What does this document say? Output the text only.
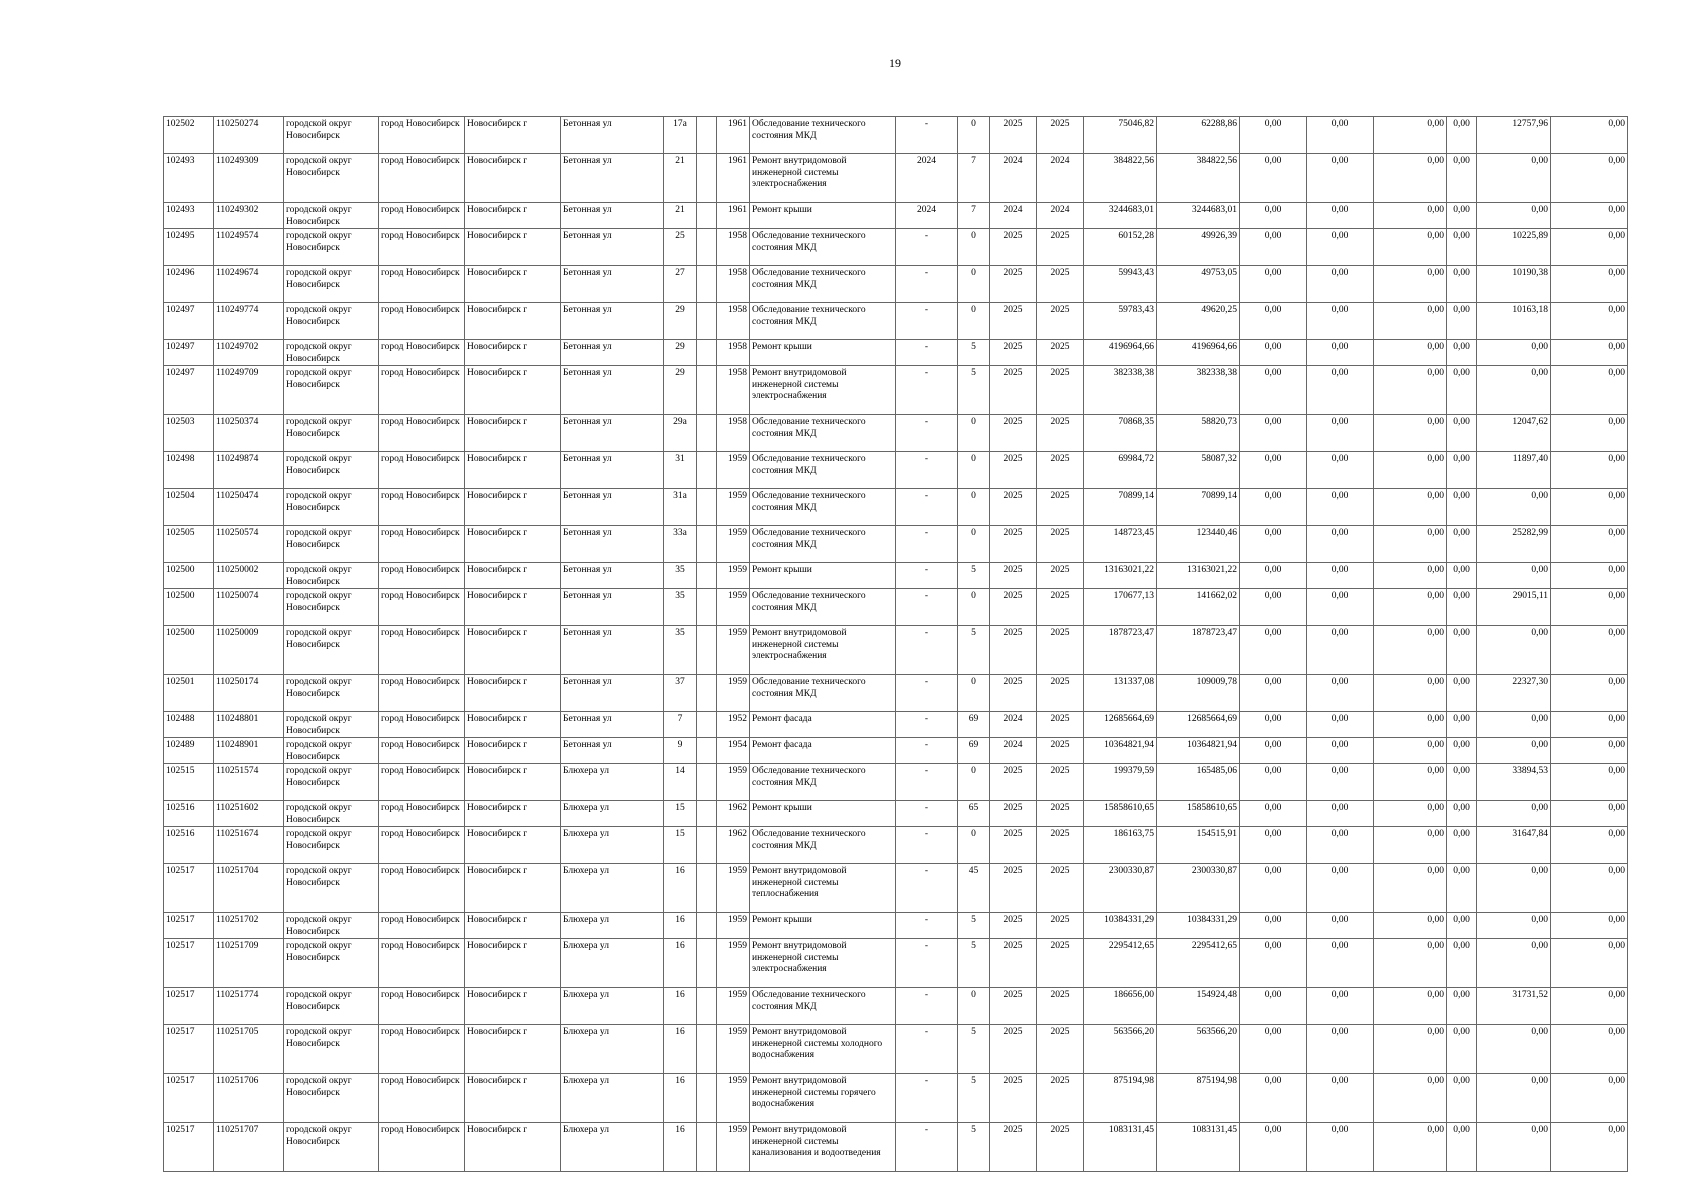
19
102502	110250274	городской округ Новосибирск	город Новосибирск	Новосибирск г	Бетонная ул	17а		1961	Обследование технического состояния МКД	-	0	2025	2025	75046,82	62288,86	0,00	0,00	0,00	0,00	12757,96	0,00
102493	110249309	городской округ Новосибирск	город Новосибирск	Новосибирск г	Бетонная ул	21		1961	Ремонт внутридомовой инженерной системы электроснабжения	2024	7	2024	2024	384822,56	384822,56	0,00	0,00	0,00	0,00	0,00	0,00
102493	110249302	городской округ Новосибирск	город Новосибирск	Новосибирск г	Бетонная ул	21		1961	Ремонт крыши	2024	7	2024	2024	3244683,01	3244683,01	0,00	0,00	0,00	0,00	0,00	0,00
102495	110249574	городской округ Новосибирск	город Новосибирск	Новосибирск г	Бетонная ул	25		1958	Обследование технического состояния МКД	-	0	2025	2025	60152,28	49926,39	0,00	0,00	0,00	0,00	10225,89	0,00
102496	110249674	городской округ Новосибирск	город Новосибирск	Новосибирск г	Бетонная ул	27		1958	Обследование технического состояния МКД	-	0	2025	2025	59943,43	49753,05	0,00	0,00	0,00	0,00	10190,38	0,00
102497	110249774	городской округ Новосибирск	город Новосибирск	Новосибирск г	Бетонная ул	29		1958	Обследование технического состояния МКД	-	0	2025	2025	59783,43	49620,25	0,00	0,00	0,00	0,00	10163,18	0,00
102497	110249702	городской округ Новосибирск	город Новосибирск	Новосибирск г	Бетонная ул	29		1958	Ремонт крыши	-	5	2025	2025	4196964,66	4196964,66	0,00	0,00	0,00	0,00	0,00	0,00
102497	110249709	городской округ Новосибирск	город Новосибирск	Новосибирск г	Бетонная ул	29		1958	Ремонт внутридомовой инженерной системы электроснабжения	-	5	2025	2025	382338,38	382338,38	0,00	0,00	0,00	0,00	0,00	0,00
102503	110250374	городской округ Новосибирск	город Новосибирск	Новосибирск г	Бетонная ул	29а		1958	Обследование технического состояния МКД	-	0	2025	2025	70868,35	58820,73	0,00	0,00	0,00	0,00	12047,62	0,00
102498	110249874	городской округ Новосибирск	город Новосибирск	Новосибирск г	Бетонная ул	31		1959	Обследование технического состояния МКД	-	0	2025	2025	69984,72	58087,32	0,00	0,00	0,00	0,00	11897,40	0,00
102504	110250474	городской округ Новосибирск	город Новосибирск	Новосибирск г	Бетонная ул	31а		1959	Обследование технического состояния МКД	-	0	2025	2025	70899,14	70899,14	0,00	0,00	0,00	0,00	0,00	0,00
102505	110250574	городской округ Новосибирск	город Новосибирск	Новосибирск г	Бетонная ул	33а		1959	Обследование технического состояния МКД	-	0	2025	2025	148723,45	123440,46	0,00	0,00	0,00	0,00	25282,99	0,00
102500	110250002	городской округ Новосибирск	город Новосибирск	Новосибирск г	Бетонная ул	35		1959	Ремонт крыши	-	5	2025	2025	13163021,22	13163021,22	0,00	0,00	0,00	0,00	0,00	0,00
102500	110250074	городской округ Новосибирск	город Новосибирск	Новосибирск г	Бетонная ул	35		1959	Обследование технического состояния МКД	-	0	2025	2025	170677,13	141662,02	0,00	0,00	0,00	0,00	29015,11	0,00
102500	110250009	городской округ Новосибирск	город Новосибирск	Новосибирск г	Бетонная ул	35		1959	Ремонт внутридомовой инженерной системы электроснабжения	-	5	2025	2025	1878723,47	1878723,47	0,00	0,00	0,00	0,00	0,00	0,00
102501	110250174	городской округ Новосибирск	город Новосибирск	Новосибирск г	Бетонная ул	37		1959	Обследование технического состояния МКД	-	0	2025	2025	131337,08	109009,78	0,00	0,00	0,00	0,00	22327,30	0,00
102488	110248801	городской округ Новосибирск	город Новосибирск	Новосибирск г	Бетонная ул	7		1952	Ремонт фасада	-	69	2024	2025	12685664,69	12685664,69	0,00	0,00	0,00	0,00	0,00	0,00
102489	110248901	городской округ Новосибирск	город Новосибирск	Новосибирск г	Бетонная ул	9		1954	Ремонт фасада	-	69	2024	2025	10364821,94	10364821,94	0,00	0,00	0,00	0,00	0,00	0,00
102515	110251574	городской округ Новосибирск	город Новосибирск	Новосибирск г	Блюхера ул	14		1959	Обследование технического состояния МКД	-	0	2025	2025	199379,59	165485,06	0,00	0,00	0,00	0,00	33894,53	0,00
102516	110251602	городской округ Новосибирск	город Новосибирск	Новосибирск г	Блюхера ул	15		1962	Ремонт крыши	-	65	2025	2025	15858610,65	15858610,65	0,00	0,00	0,00	0,00	0,00	0,00
102516	110251674	городской округ Новосибирск	город Новосибирск	Новосибирск г	Блюхера ул	15		1962	Обследование технического состояния МКД	-	0	2025	2025	186163,75	154515,91	0,00	0,00	0,00	0,00	31647,84	0,00
102517	110251704	городской округ Новосибирск	город Новосибирск	Новосибирск г	Блюхера ул	16		1959	Ремонт внутридомовой инженерной системы теплоснабжения	-	45	2025	2025	2300330,87	2300330,87	0,00	0,00	0,00	0,00	0,00	0,00
102517	110251702	городской округ Новосибирск	город Новосибирск	Новосибирск г	Блюхера ул	16		1959	Ремонт крыши	-	5	2025	2025	10384331,29	10384331,29	0,00	0,00	0,00	0,00	0,00	0,00
102517	110251709	городской округ Новосибирск	город Новосибирск	Новосибирск г	Блюхера ул	16		1959	Ремонт внутридомовой инженерной системы электроснабжения	-	5	2025	2025	2295412,65	2295412,65	0,00	0,00	0,00	0,00	0,00	0,00
102517	110251774	городской округ Новосибирск	город Новосибирск	Новосибирск г	Блюхера ул	16		1959	Обследование технического состояния МКД	-	0	2025	2025	186656,00	154924,48	0,00	0,00	0,00	0,00	31731,52	0,00
102517	110251705	городской округ Новосибирск	город Новосибирск	Новосибирск г	Блюхера ул	16		1959	Ремонт внутридомовой инженерной системы холодного водоснабжения	-	5	2025	2025	563566,20	563566,20	0,00	0,00	0,00	0,00	0,00	0,00
102517	110251706	городской округ Новосибирск	город Новосибирск	Новосибирск г	Блюхера ул	16		1959	Ремонт внутридомовой инженерной системы горячего водоснабжения	-	5	2025	2025	875194,98	875194,98	0,00	0,00	0,00	0,00	0,00	0,00
102517	110251707	городской округ Новосибирск	город Новосибирск	Новосибирск г	Блюхера ул	16		1959	Ремонт внутридомовой инженерной системы канализования и водоотведения	-	5	2025	2025	1083131,45	1083131,45	0,00	0,00	0,00	0,00	0,00	0,00
